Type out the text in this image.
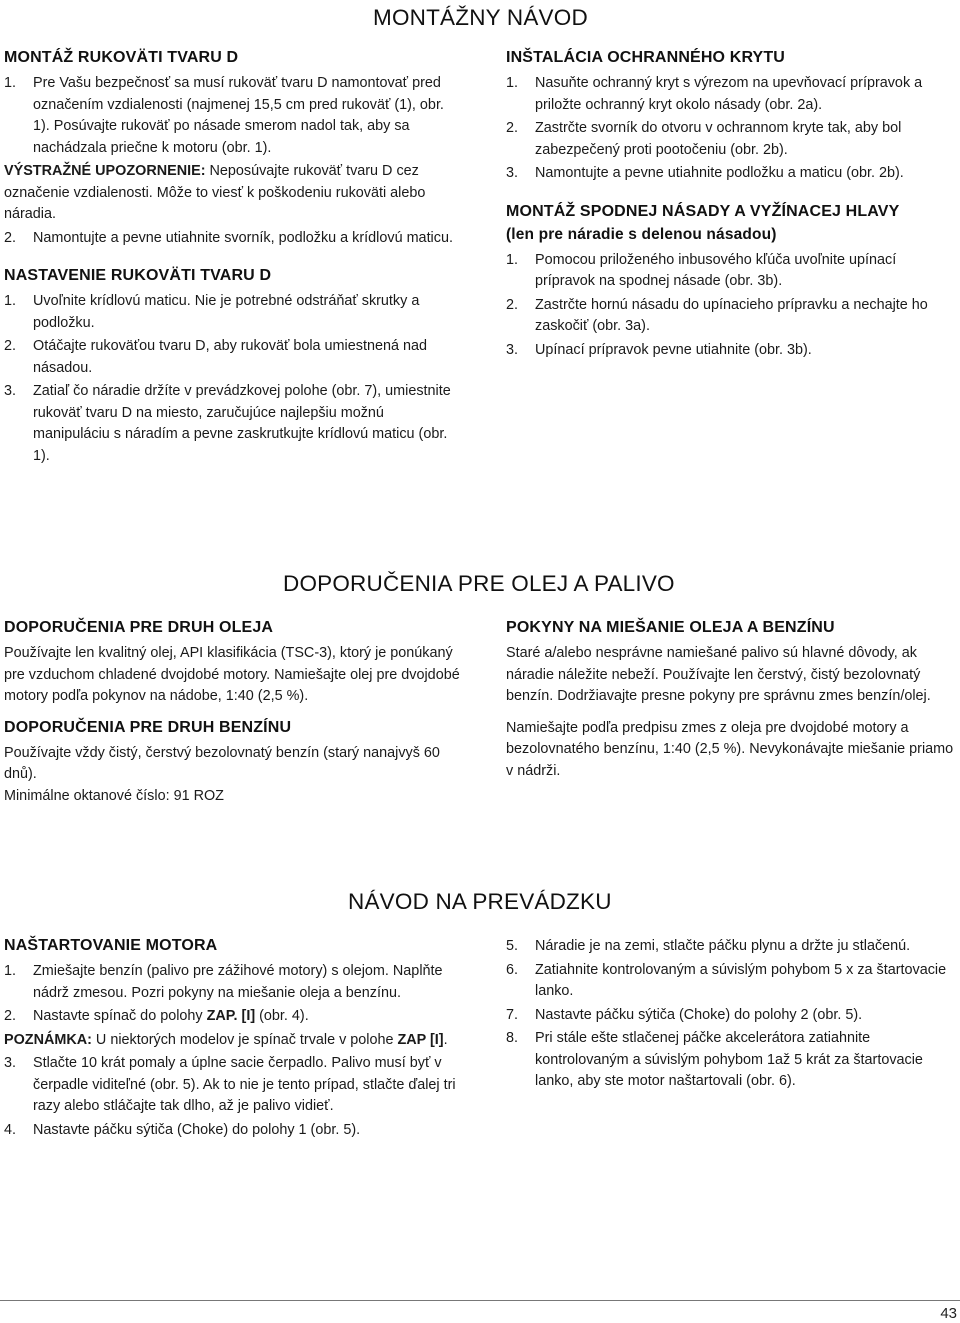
MONTÁŽNY NÁVOD
MONTÁŽ RUKOVÄTI TVARU D
1. Pre Vašu bezpečnosť sa musí rukoväť tvaru D namontovať pred označením vzdialenosti (najmenej 15,5 cm pred rukoväť (1), obr. 1). Posúvajte rukoväť po násade smerom nadol tak, aby sa nachádzala priečne k motoru (obr. 1).

VÝSTRAŽNÉ UPOZORNENIE: Neposúvajte rukoväť tvaru D cez označenie vzdialenosti. Môže to viesť k poškodeniu rukoväti alebo náradia.

2. Namontujte a pevne utiahnite svorník, podložku a krídlovú maticu.
NASTAVENIE RUKOVÄTI TVARU D
1. Uvoľnite krídlovú maticu. Nie je potrebné odstráňať skrutky a podložku.
2. Otáčajte rukoväťou tvaru D, aby rukoväť bola umiestnená nad násadou.
3. Zatiaľ čo náradie držíte v prevádzkovej polohe (obr. 7), umiestnite rukoväť tvaru D na miesto, zaručujúce najlepšiu možnú manipuláciu s náradím a pevne zaskrutkujte krídlovú maticu (obr. 1).
INŠTALÁCIA OCHRANNÉHO KRYTU
1. Nasuňte ochranný kryt s výrezom na upevňovací prípravok a priložte ochranný kryt okolo násady (obr. 2a).
2. Zastrčte svorník do otvoru v ochrannom kryte tak, aby bol zabezpečený proti pootočeniu (obr. 2b).
3. Namontujte a pevne utiahnite podložku a maticu (obr. 2b).
MONTÁŽ SPODNEJ NÁSADY A VYŽÍNACEJ HLAVY
(len pre náradie s delenou násadou)
1. Pomocou priloženého inbusového kľúča uvoľnite upínací prípravok na spodnej násade (obr. 3b).
2. Zastrčte hornú násadu do upínacieho prípravku a nechajte ho zaskočiť (obr. 3a).
3. Upínací prípravok pevne utiahnite (obr. 3b).
DOPORUČENIA PRE OLEJ A PALIVO
DOPORUČENIA PRE DRUH OLEJA

Používajte len kvalitný olej, API klasifikácia (TSC-3), ktorý je ponúkaný pre vzduchom chladené dvojdobé motory. Namiešajte olej pre dvojdobé motory podľa pokynov na nádobe, 1:40 (2,5 %).

DOPORUČENIA PRE DRUH BENZÍNU

Používajte vždy čistý, čerstvý bezolovnatý benzín (starý nanajvyš 60 dnů).

Minimálne oktanové číslo: 91 ROZ

POKYNY NA MIEŠANIE OLEJA A BENZÍNU

Staré a/alebo nesprávne namiešané palivo sú hlavné dôvody, ak náradie náležite nebeží. Používajte len čerstvý, čistý bezolovnatý benzín. Dodržiavajte presne pokyny pre správnu zmes benzín/olej.

Namiešajte podľa predpisu zmes z oleja pre dvojdobé motory a bezolovnatého benzínu, 1:40 (2,5 %). Nevykonávajte miešanie priamo v nádrži.

NÁVOD NA PREVÁDZKU
NAŠTARTOVANIE MOTORA
1. Zmiešajte benzín (palivo pre zážihové motory) s olejom. Naplňte nádrž zmesou. Pozri pokyny na miešanie oleja a benzínu.
2. Nastavte spínač do polohy ZAP. [I] (obr. 4).
POZNÁMKA: U niektorých modelov je spínač trvale v polohe ZAP [I].
3. Stlačte 10 krát pomaly a úplne sacie čerpadlo. Palivo musí byť v čerpadle viditeľné (obr. 5). Ak to nie je tento prípad, stlačte ďalej tri razy alebo stláčajte tak dlho, až je palivo vidieť.
4. Nastavte páčku sýtiča (Choke) do polohy 1 (obr. 5).
5. Náradie je na zemi, stlačte páčku plynu a držte ju stlačenú.
6. Zatiahnite kontrolovaným a súvislým pohybom 5 x za štartovacie lanko.
7. Nastavte páčku sýtiča (Choke) do polohy 2 (obr. 5).
8. Pri stále ešte stlačenej páčke akcelerátora zatiahnite kontrolovaným a súvislým pohybom 1až 5 krát za štartovacie lanko, aby ste motor naštartovali (obr. 6).
43
